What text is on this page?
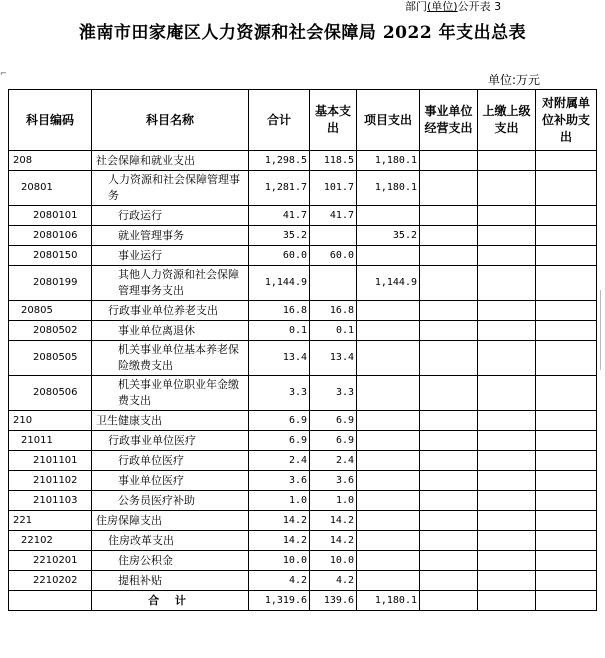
部门(单位)公开表 3
淮南市田家庵区人力资源和社会保障局 2022 年支出总表
⌐	单位:万元
科目编码	科目名称	合计	基本支出	项目支出	事业单位经营支出	上缴上级支出	对附属单位补助支出
208	社会保障和就业支出	1,298.5	118.5	1,180.1			
20801	人力资源和社会保障管理事务	1,281.7	101.7	1,180.1			
2080101	行政运行	41.7	41.7				
2080106	就业管理事务	35.2		35.2			
2080150	事业运行	60.0	60.0				
2080199	其他人力资源和社会保障管理事务支出	1,144.9		1,144.9			
20805	行政事业单位养老支出	16.8	16.8				
2080502	事业单位离退休	0.1	0.1				
2080505	机关事业单位基本养老保险缴费支出	13.4	13.4				
2080506	机关事业单位职业年金缴费支出	3.3	3.3				
210	卫生健康支出	6.9	6.9				
21011	行政事业单位医疗	6.9	6.9				
2101101	行政单位医疗	2.4	2.4				
2101102	事业单位医疗	3.6	3.6				
2101103	公务员医疗补助	1.0	1.0				
221	住房保障支出	14.2	14.2				
22102	住房改革支出	14.2	14.2				
2210201	住房公积金	10.0	10.0				
2210202	提租补贴	4.2	4.2				
	合 计	1,319.6	139.6	1,180.1			
